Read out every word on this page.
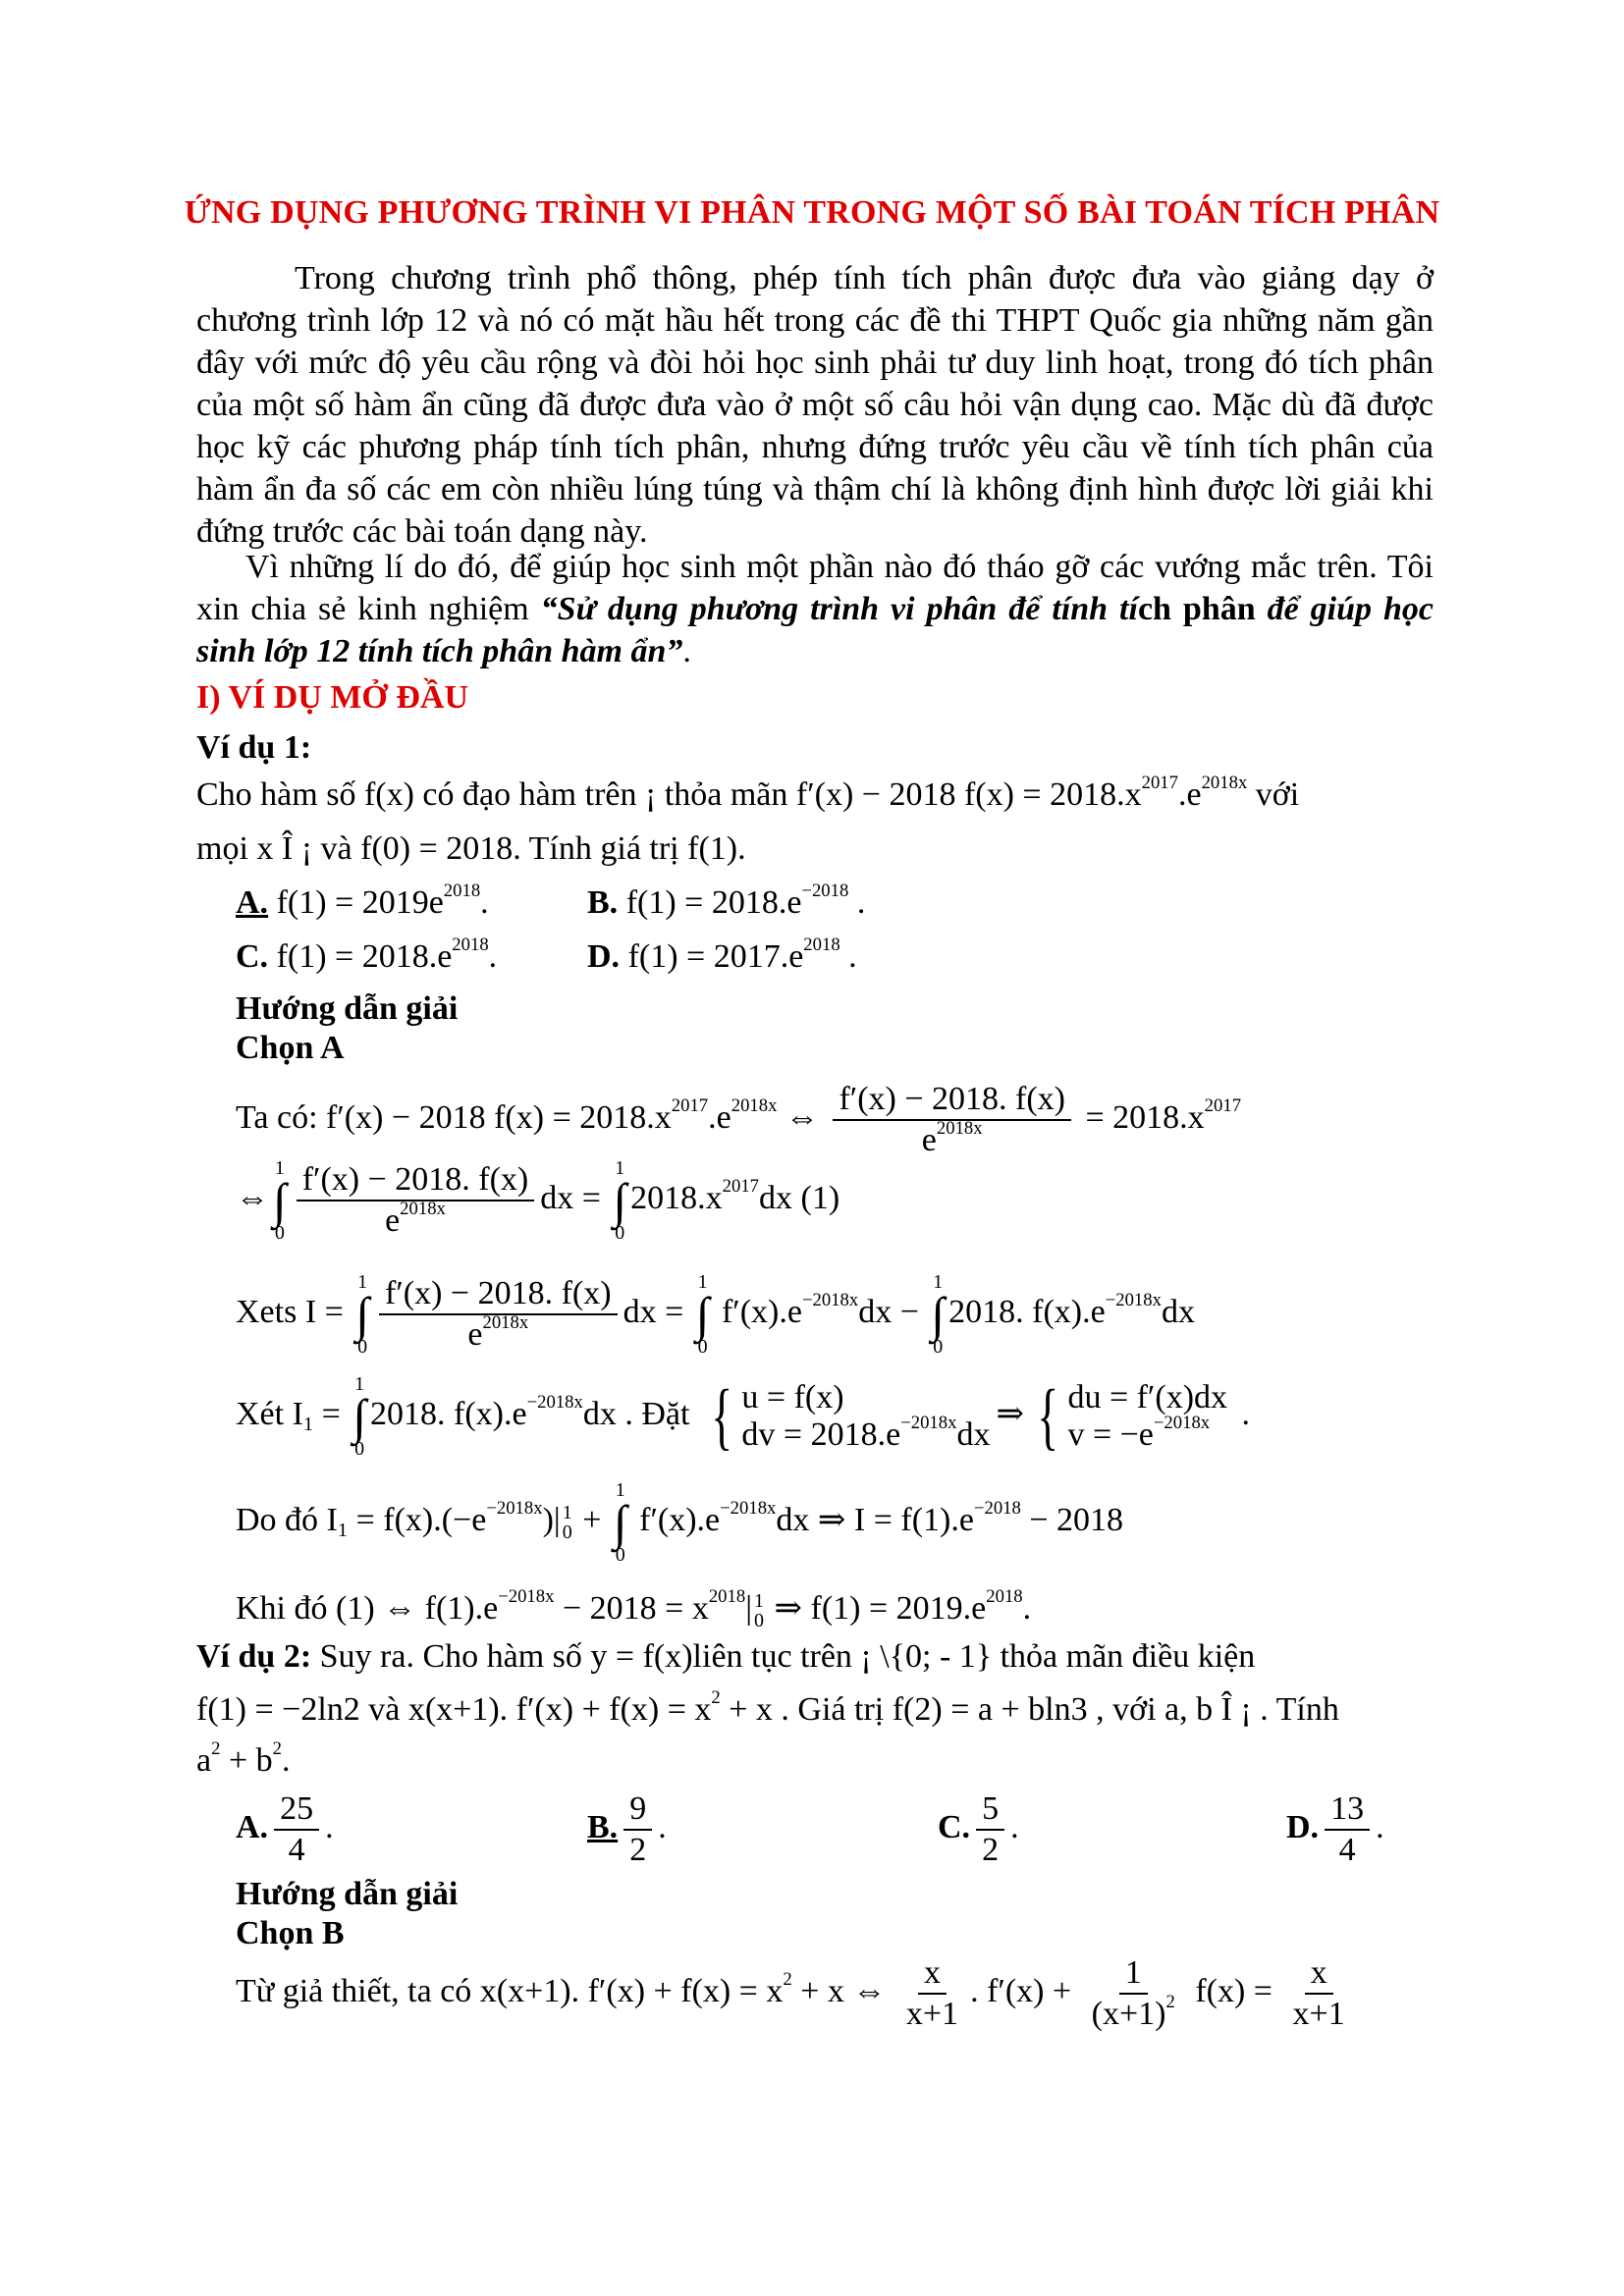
ỨNG DỤNG PHƯƠNG TRÌNH VI PHÂN TRONG MỘT SỐ BÀI TOÁN TÍCH PHÂN
Trong chương trình phổ thông, phép tính tích phân được đưa vào giảng dạy ở chương trình lớp 12 và nó có mặt hầu hết trong các đề thi THPT Quốc gia những năm gần đây với mức độ yêu cầu rộng và đòi hỏi học sinh phải tư duy linh hoạt, trong đó tích phân của một số hàm ẩn cũng đã được đưa vào ở một số câu hỏi vận dụng cao. Mặc dù đã được học kỹ các phương pháp tính tích phân, nhưng đứng trước yêu cầu về tính tích phân của hàm ẩn đa số các em còn nhiều lúng túng và thậm chí là không định hình được lời giải khi đứng trước các bài toán dạng này.
Vì những lí do đó, để giúp học sinh một phần nào đó tháo gỡ các vướng mắc trên. Tôi xin chia sẻ kinh nghiệm “Sử dụng phương trình vi phân để tính tích phân để giúp học sinh lớp 12 tính tích phân hàm ẩn”.
I) VÍ DỤ MỞ ĐẦU
Ví dụ 1:
Cho hàm số f(x) có đạo hàm trên ¡ thỏa mãn f′(x) − 2018 $f(x) = 2018.x^{2017}.e^{2018x}$ với
mọi x Î ¡ và f(0) = 2018. Tính giá trị f(1).
A. $f(1) = 2019e^{2018}$.	B. $f(1) = 2018.e^{-2018}$ .
C. $f(1) = 2018.e^{2018}$.	D. $f(1) = 2017.e^{2018}$ .
Hướng dẫn giải
Chọn A
Ta có: f′(x) − 2018 $f(x) = 2018.x^{2017}.e^{2018x}$ ⇔ $\frac{f'(x) - 2018. f(x)}{e^{2018x}} = 2018.x^{2017}$
⇔
1
∫
$0 \frac{f'(x) - 2018. f(x)}{e^{2018x}}$ dx =
1
∫
0
$2018.x^{2017}dx$ (1)
Xets I =
1
∫
$0 \frac{f'(x) - 2018. f(x)}{e^{2018x}}$ dx =
1
∫
0
$f'(x).e^{-2018x}dx$ −
1
∫
0
2018. $f(x).e^{-2018x}dx$
Xét $I_1$ =
1
∫
0
2018. $f(x).e^{-2018x}dx$ . Đặt { u = f(x)
dv = $2018.e^{-2018x}dx$
⇒ { du = f′(x)dx
$v = -e^{-2018x}$ .
Do đó $I_1 = f(x).(-e^{-2018x})|$ 1
0 +
1
∫
0
$f'(x).e^{-2018x}dx$ ⇒ $I = f(1).e^{-2018} - 2018$
Khi đó (1) ⇔ $f(1).e^{-2018x} - 2018 = x^{2018}|$ 1
0 ⇒ $f(1) = 2019.e^{2018}$.
Ví dụ 2: Suy ra. Cho hàm số y = f(x)liên tục trên ¡ \{0; - 1} thỏa mãn điều kiện
f(1) = −2ln2 và x(x+1). $f'(x) + f(x) = x^2 + x$ . Giá trị f(2) = a + bln3 , với a, b Î ¡ . Tính
$a^2 + b^2$.
A. $\frac{25}{4}$ .	B. $\frac{9}{2}$ .	C. $\frac{5}{2}$ .	D. $\frac{13}{4}$ .
Hướng dẫn giải
Chọn B
Từ giả thiết, ta có x(x+1). $f'(x) + f(x) = x^2 + x$ ⇔ $\frac{x}{x+1}$ . $f'(x) + \frac{1}{(x+1)^2} f(x) = \frac{x}{x+1}$
